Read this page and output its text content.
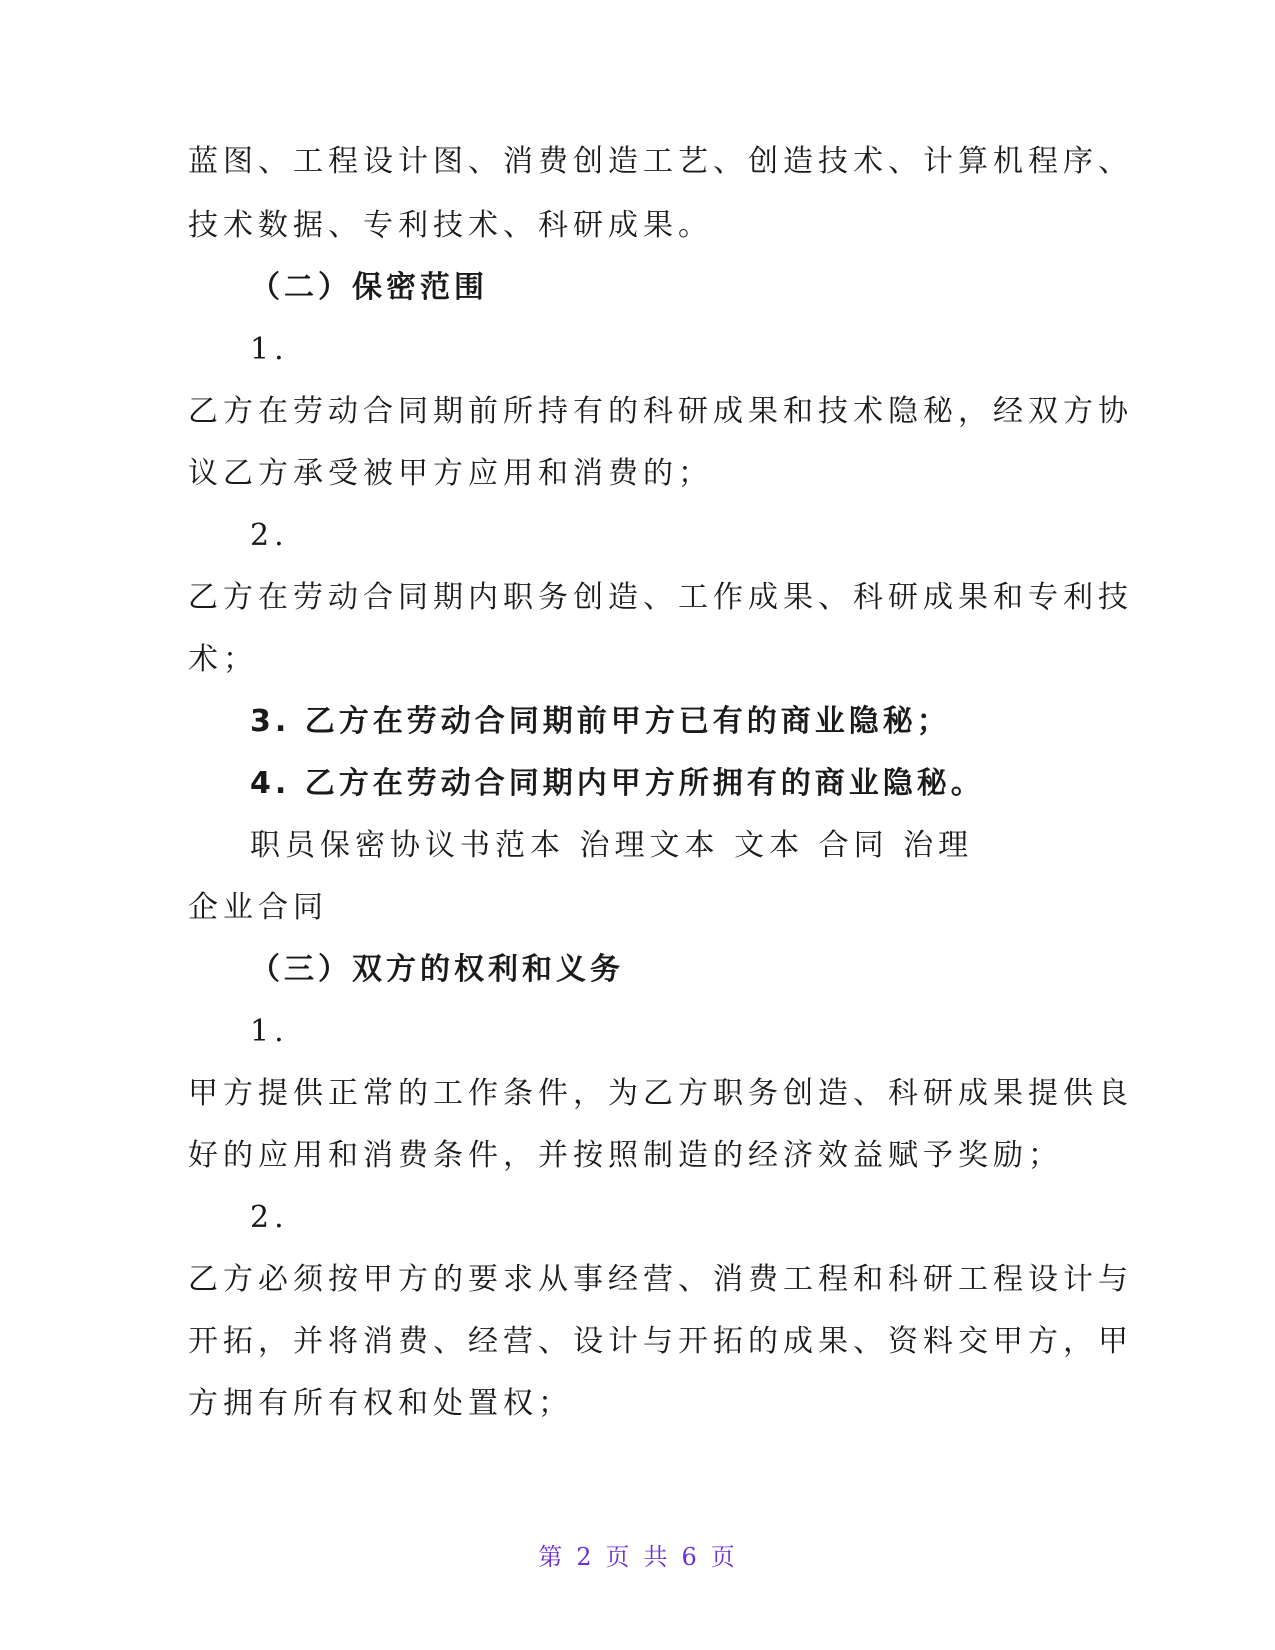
蓝图、工程设计图、消费创造工艺、创造技术、计算机程序、
技术数据、专利技术、科研成果。
（二）保密范围
1.
乙方在劳动合同期前所持有的科研成果和技术隐秘，经双方协
议乙方承受被甲方应用和消费的；
2.
乙方在劳动合同期内职务创造、工作成果、科研成果和专利技
术；
3. 乙方在劳动合同期前甲方已有的商业隐秘；
4. 乙方在劳动合同期内甲方所拥有的商业隐秘。
职员保密协议书范本 治理文本 文本 合同 治理
企业合同
（三）双方的权利和义务
1.
甲方提供正常的工作条件，为乙方职务创造、科研成果提供良
好的应用和消费条件，并按照制造的经济效益赋予奖励；
2.
乙方必须按甲方的要求从事经营、消费工程和科研工程设计与
开拓，并将消费、经营、设计与开拓的成果、资料交甲方，甲
方拥有所有权和处置权；
第 2 页 共 6 页
